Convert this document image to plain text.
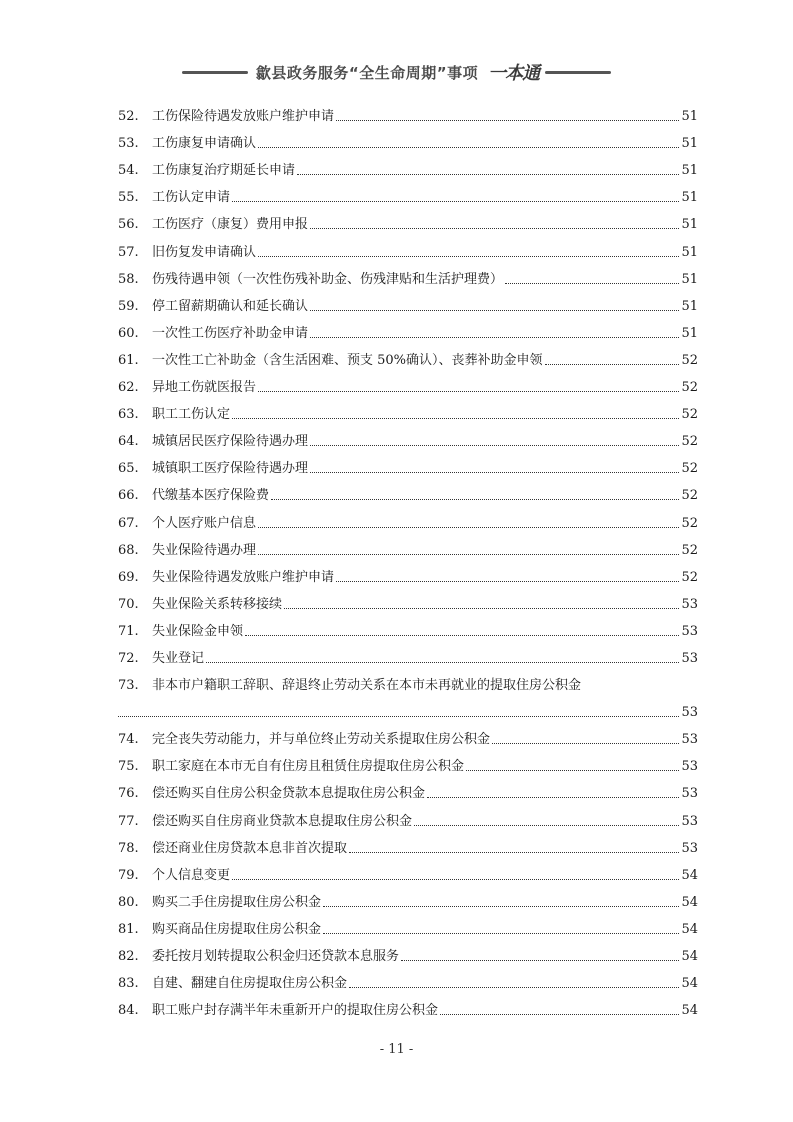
歙县政务服务“全生命周期”事项 一本通
52.	工伤保险待遇发放账户维护申请	51
53.	工伤康复申请确认	51
54.	工伤康复治疗期延长申请	51
55.	工伤认定申请	51
56.	工伤医疗（康复）费用申报	51
57.	旧伤复发申请确认	51
58.	伤残待遇申领（一次性伤残补助金、伤残津贴和生活护理费）	51
59.	停工留薪期确认和延长确认	51
60.	一次性工伤医疗补助金申请	51
61.	一次性工亡补助金（含生活困难、预支 50%确认）、丧葬补助金申领	52
62.	异地工伤就医报告	52
63.	职工工伤认定	52
64.	城镇居民医疗保险待遇办理	52
65.	城镇职工医疗保险待遇办理	52
66.	代缴基本医疗保险费	52
67.	个人医疗账户信息	52
68.	失业保险待遇办理	52
69.	失业保险待遇发放账户维护申请	52
70.	失业保险关系转移接续	53
71.	失业保险金申领	53
72.	失业登记	53
73.	非本市户籍职工辞职、辞退终止劳动关系在本市未再就业的提取住房公积金
53
74.	完全丧失劳动能力，并与单位终止劳动关系提取住房公积金	53
75.	职工家庭在本市无自有住房且租赁住房提取住房公积金	53
76.	偿还购买自住房公积金贷款本息提取住房公积金	53
77.	偿还购买自住房商业贷款本息提取住房公积金	53
78.	偿还商业住房贷款本息非首次提取	53
79.	个人信息变更	54
80.	购买二手住房提取住房公积金	54
81.	购买商品住房提取住房公积金	54
82.	委托按月划转提取公积金归还贷款本息服务	54
83.	自建、翻建自住房提取住房公积金	54
84.	职工账户封存满半年未重新开户的提取住房公积金	54
- 11 -
